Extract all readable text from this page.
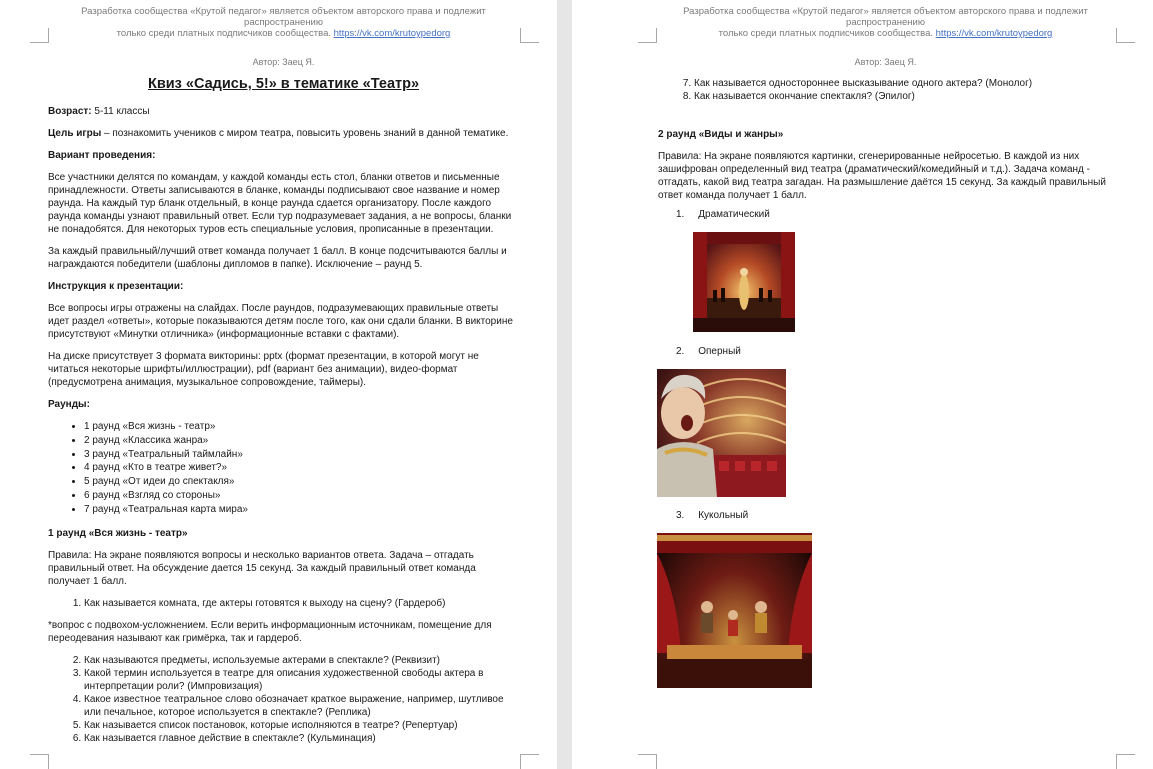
Разработка сообщества «Крутой педагог» является объектом авторского права и подлежит распространению
только среди платных подписчиков сообщества. https://vk.com/krutoypedorg
Автор: Заец Я.
Квиз «Садись, 5!» в тематике «Театр»

Возраст: 5-11 классы

Цель игры – познакомить учеников с миром театра, повысить уровень знаний в данной тематике.

Вариант проведения:

Все участники делятся по командам, у каждой команды есть стол, бланки ответов и письменные принадлежности. Ответы записываются в бланке, команды подписывают свое название и номер раунда. На каждый тур бланк отдельный, в конце раунда сдается организатору. После каждого раунда команды узнают правильный ответ. Если тур подразумевает задания, а не вопросы, бланки не понадобятся. Для некоторых туров есть специальные условия, прописанные в презентации.

За каждый правильный/лучший ответ команда получает 1 балл. В конце подсчитываются баллы и награждаются победители (шаблоны дипломов в папке). Исключение – раунд 5.

Инструкция к презентации:

Все вопросы игры отражены на слайдах. После раундов, подразумевающих правильные ответы идет раздел «ответы», которые показываются детям после того, как они сдали бланки. В викторине присутствуют «Минутки отличника» (информационные вставки с фактами).

На диске присутствует 3 формата викторины: pptx (формат презентации, в которой могут не читаться некоторые шрифты/иллюстрации), pdf (вариант без анимации), видео-формат (предусмотрена анимация, музыкальное сопровождение, таймеры).

Раунды:

• 1 раунд «Вся жизнь - театр»
• 2 раунд «Классика жанра»
• 3 раунд «Театральный таймлайн»
• 4 раунд «Кто в театре живет?»
• 5 раунд «От идеи до спектакля»
• 6 раунд «Взгляд со стороны»
• 7 раунд «Театральная карта мира»

1 раунд «Вся жизнь - театр»

Правила: На экране появляются вопросы и несколько вариантов ответа. Задача – отгадать правильный ответ. На обсуждение дается 15 секунд. За каждый правильный ответ команда получает 1 балл.

1. Как называется комната, где актеры готовятся к выходу на сцену? (Гардероб)

*вопрос с подвохом-усложнением. Если верить информационным источникам, помещение для переодевания называют как гримёрка, так и гардероб.

2. Как называются предметы, используемые актерами в спектакле? (Реквизит)
3. Какой термин используется в театре для описания художественной свободы актера в интерпретации роли? (Импровизация)
4. Какое известное театральное слово обозначает краткое выражение, например, шутливое или печальное, которое используется в спектакле? (Реплика)
5. Как называется список постановок, которые исполняются в театре? (Репертуар)
6. Как называется главное действие в спектакле? (Кульминация)
Разработка сообщества «Крутой педагог» является объектом авторского права и подлежит распространению
только среди платных подписчиков сообщества. https://vk.com/krutoypedorg
Автор: Заец Я.
7. Как называется одностороннее высказывание одного актера? (Монолог)
8. Как называется окончание спектакля? (Эпилог)

2 раунд «Виды и жанры»

Правила: На экране появляются картинки, сгенерированные нейросетью. В каждой из них зашифрован определенный вид театра (драматический/комедийный и т.д.). Задача команд - отгадать, какой вид театра загадан. На размышление даётся 15 секунд. За каждый правильный ответ команда получает 1 балл.

1.     Драматический
2.     Оперный
3.     Кукольный
